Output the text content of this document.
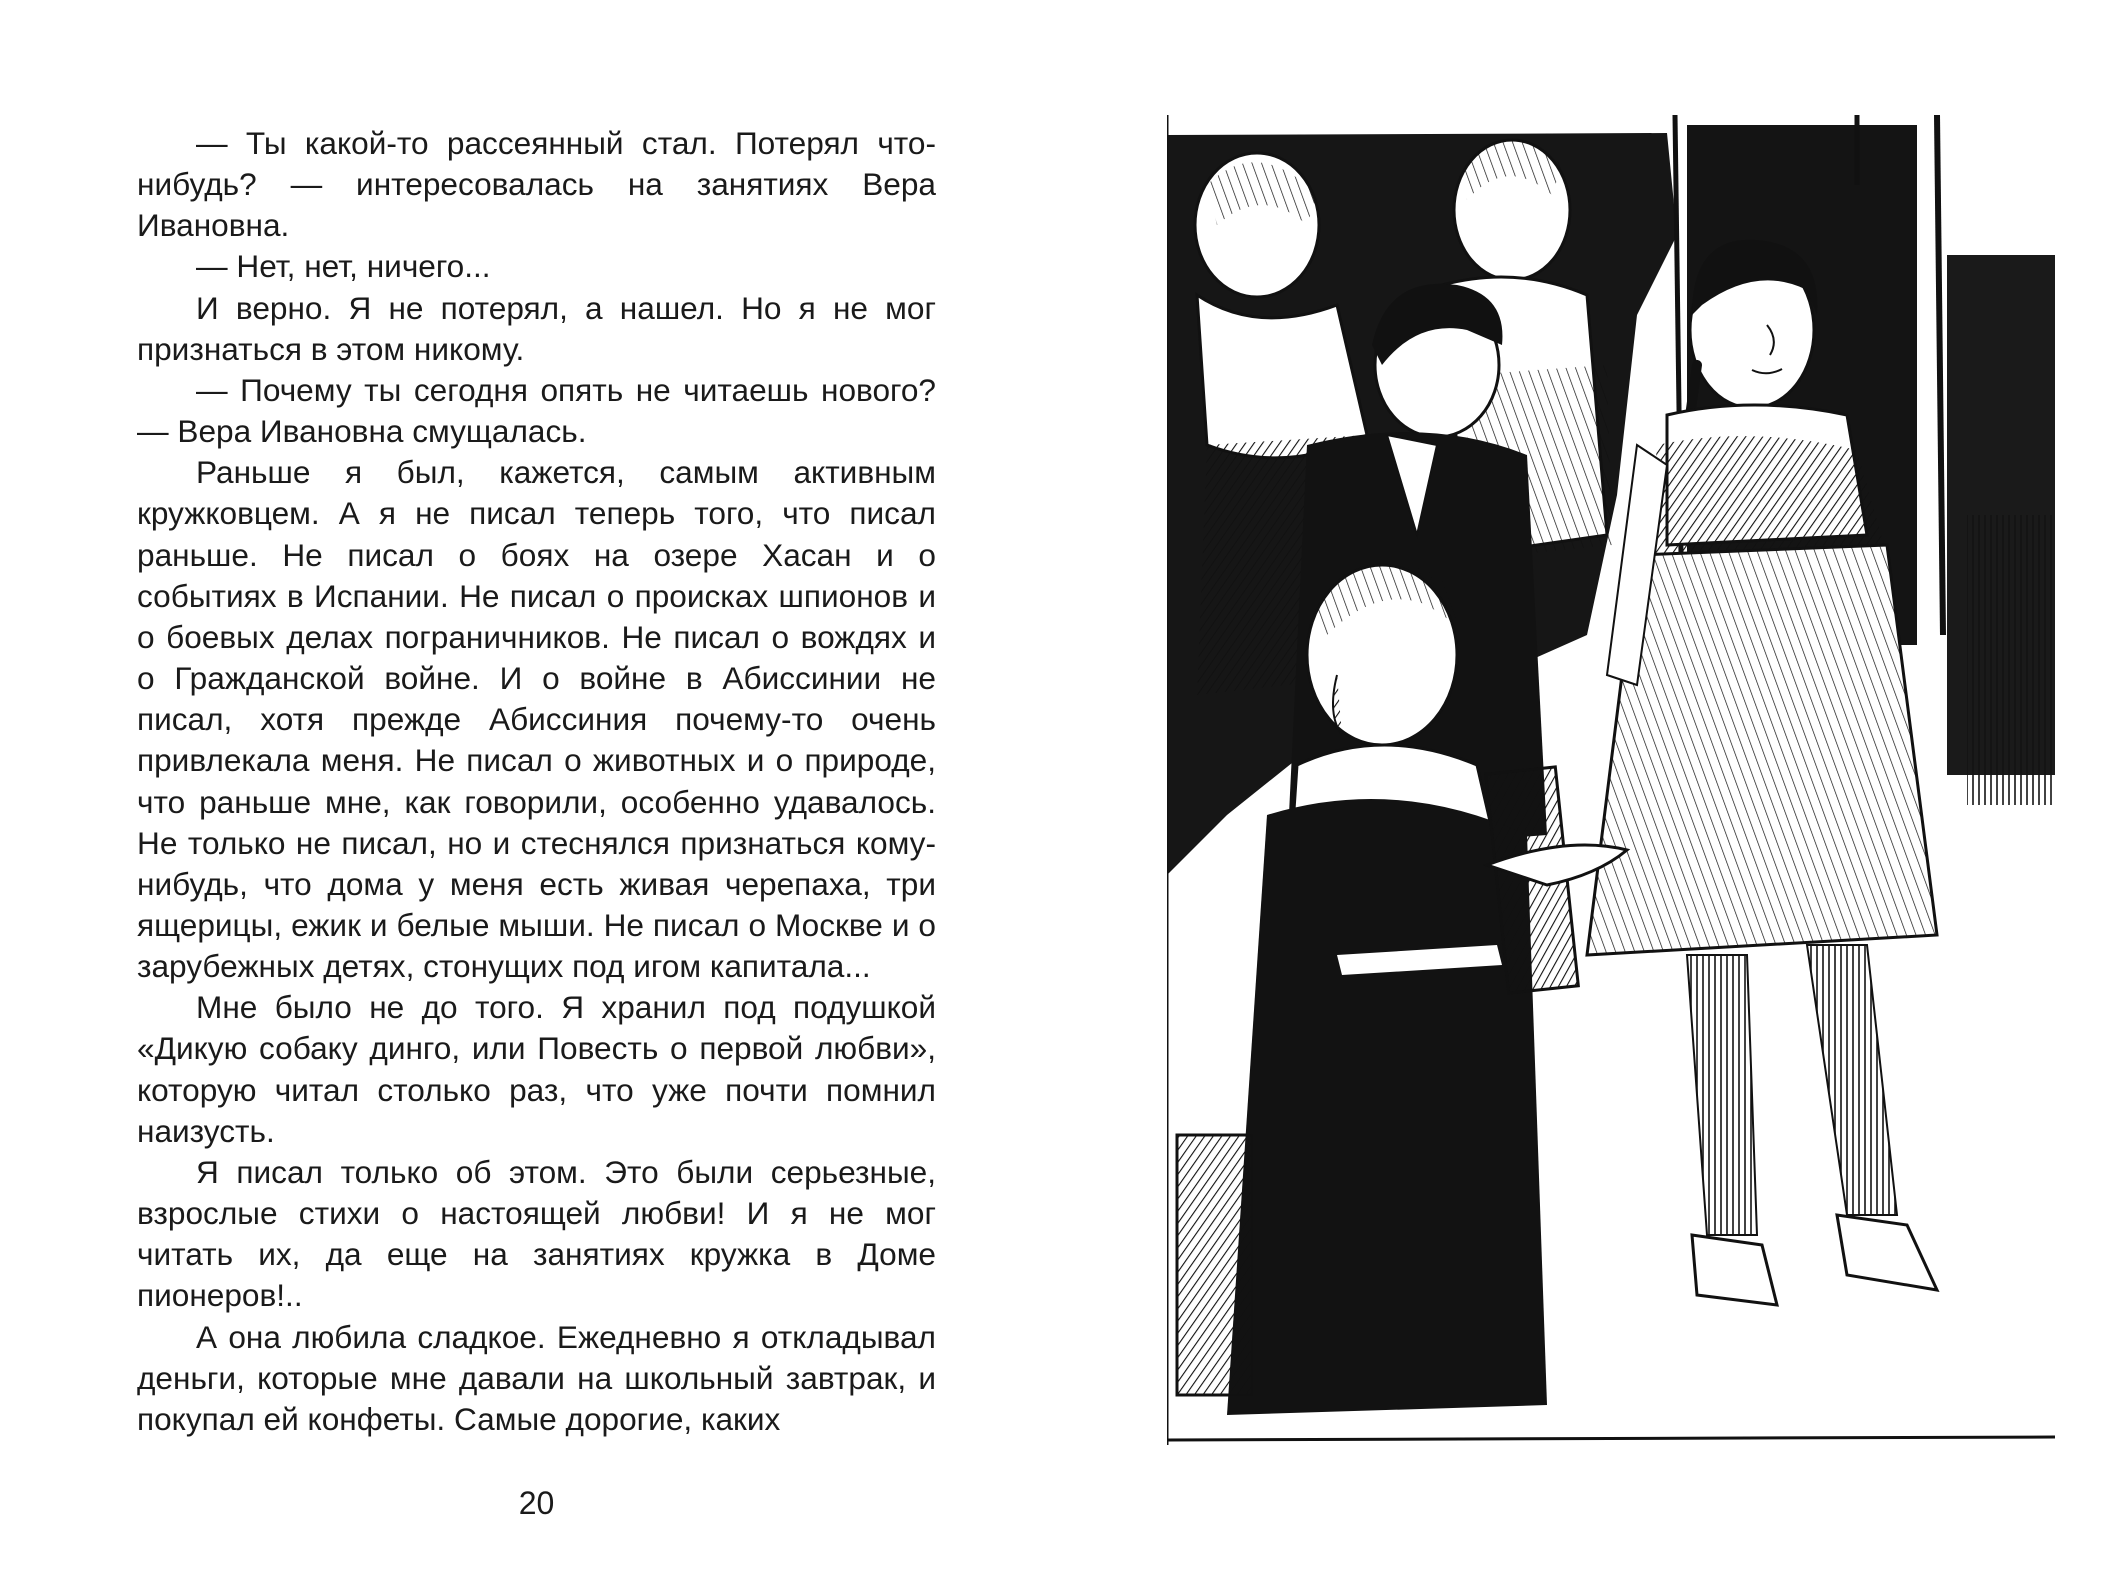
— Ты какой-то рассеянный стал. Потерял что-нибудь? — интересовалась на занятиях Вера Ивановна.

— Нет, нет, ничего...

И верно. Я не потерял, а нашел. Но я не мог признаться в этом никому.

— Почему ты сегодня опять не читаешь нового? — Вера Ивановна смущалась.

Раньше я был, кажется, самым активным кружковцем. А я не писал теперь того, что писал раньше. Не писал о боях на озере Хасан и о событиях в Испании. Не писал о происках шпионов и о боевых делах пограничников. Не писал о вождях и о Гражданской войне. И о войне в Абиссинии не писал, хотя прежде Абиссиния почему-то очень привлекала меня. Не писал о животных и о природе, что раньше мне, как говорили, особенно удавалось. Не только не писал, но и стеснялся признаться кому-нибудь, что дома у меня есть живая черепаха, три ящерицы, ежик и белые мыши. Не писал о Москве и о зарубежных детях, стонущих под игом капитала...

Мне было не до того. Я хранил под подушкой «Дикую собаку динго, или Повесть о первой любви», которую читал столько раз, что уже почти помнил наизусть.

Я писал только об этом. Это были серьезные, взрослые стихи о настоящей любви! И я не мог читать их, да еще на занятиях кружка в Доме пионеров!..

А она любила сладкое. Ежедневно я откладывал деньги, которые мне давали на школьный завтрак, и покупал ей конфеты. Самые дорогие, каких

20
